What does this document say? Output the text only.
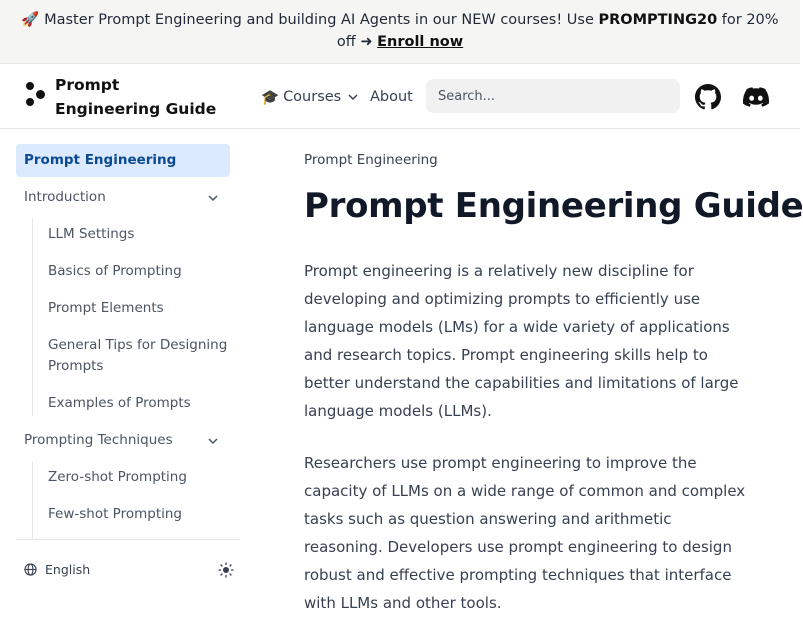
🚀 Master Prompt Engineering and building AI Agents in our NEW courses! Use PROMPTING20 for 20% off ➜ Enroll now
Prompt Engineering Guide
🎓 Courses About
Search...
Prompt Engineering
Introduction
LLM Settings
Basics of Prompting
Prompt Elements
General Tips for Designing Prompts
Examples of Prompts
Prompting Techniques
Zero-shot Prompting
Few-shot Prompting
English
Prompt Engineering
Prompt Engineering Guide

Prompt engineering is a relatively new discipline for developing and optimizing prompts to efficiently use language models (LMs) for a wide variety of applications and research topics. Prompt engineering skills help to better understand the capabilities and limitations of large language models (LLMs).

Researchers use prompt engineering to improve the capacity of LLMs on a wide range of common and complex tasks such as question answering and arithmetic reasoning. Developers use prompt engineering to design robust and effective prompting techniques that interface with LLMs and other tools.
